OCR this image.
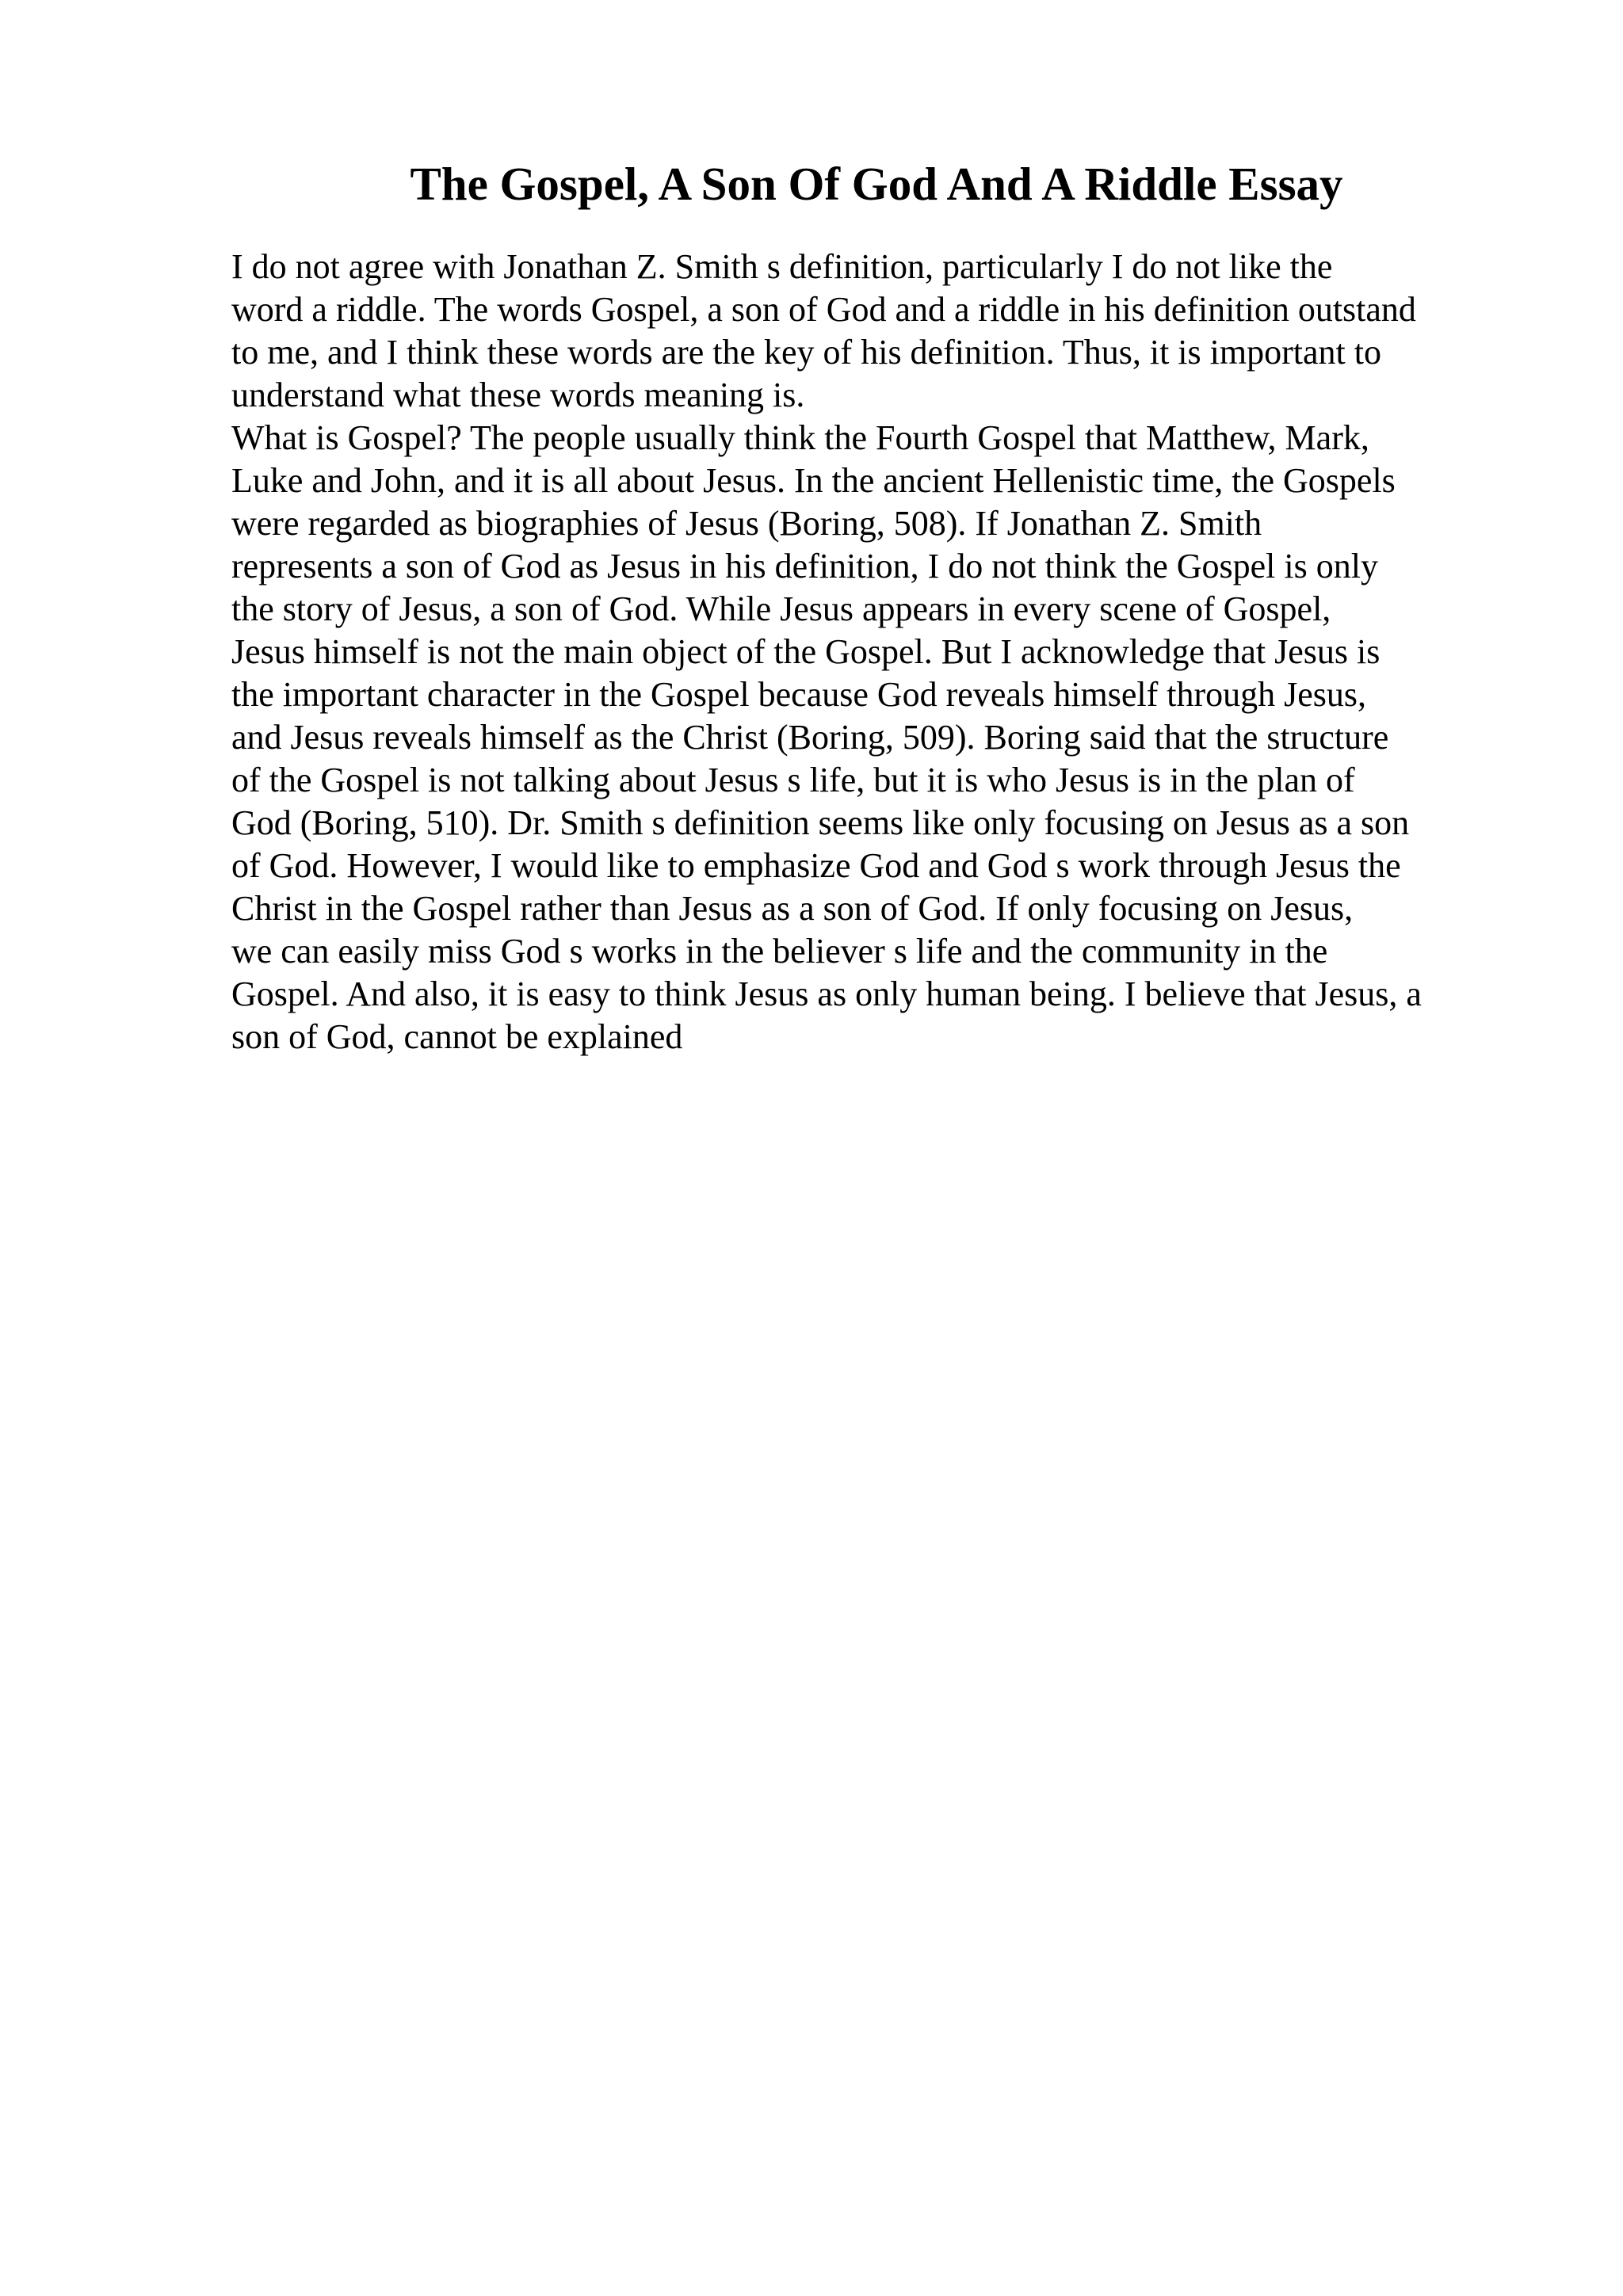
The Gospel, A Son Of God And A Riddle Essay
I do not agree with Jonathan Z. Smith s definition, particularly I do not like the
word a riddle. The words Gospel, a son of God and a riddle in his definition outstand
to me, and I think these words are the key of his definition. Thus, it is important to
understand what these words meaning is.
What is Gospel? The people usually think the Fourth Gospel that Matthew, Mark,
Luke and John, and it is all about Jesus. In the ancient Hellenistic time, the Gospels
were regarded as biographies of Jesus (Boring, 508). If Jonathan Z. Smith
represents a son of God as Jesus in his definition, I do not think the Gospel is only
the story of Jesus, a son of God. While Jesus appears in every scene of Gospel,
Jesus himself is not the main object of the Gospel. But I acknowledge that Jesus is
the important character in the Gospel because God reveals himself through Jesus,
and Jesus reveals himself as the Christ (Boring, 509). Boring said that the structure
of the Gospel is not talking about Jesus s life, but it is who Jesus is in the plan of
God (Boring, 510). Dr. Smith s definition seems like only focusing on Jesus as a son
of God. However, I would like to emphasize God and God s work through Jesus the
Christ in the Gospel rather than Jesus as a son of God. If only focusing on Jesus,
we can easily miss God s works in the believer s life and the community in the
Gospel. And also, it is easy to think Jesus as only human being. I believe that Jesus, a
son of God, cannot be explained
